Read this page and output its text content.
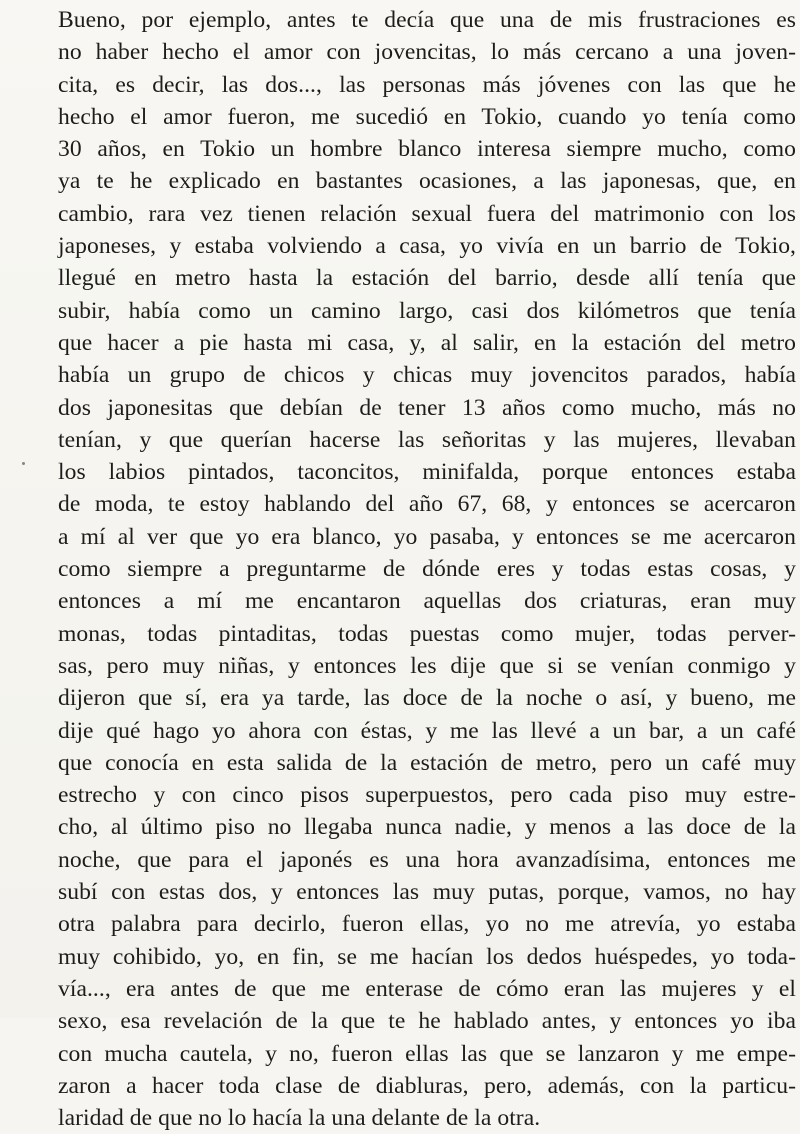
Bueno, por ejemplo, antes te decía que una de mis frustraciones es
no haber hecho el amor con jovencitas, lo más cercano a una joven-
cita, es decir, las dos..., las personas más jóvenes con las que he
hecho el amor fueron, me sucedió en Tokio, cuando yo tenía como
30 años, en Tokio un hombre blanco interesa siempre mucho, como
ya te he explicado en bastantes ocasiones, a las japonesas, que, en
cambio, rara vez tienen relación sexual fuera del matrimonio con los
japoneses, y estaba volviendo a casa, yo vivía en un barrio de Tokio,
llegué en metro hasta la estación del barrio, desde allí tenía que
subir, había como un camino largo, casi dos kilómetros que tenía
que hacer a pie hasta mi casa, y, al salir, en la estación del metro
había un grupo de chicos y chicas muy jovencitos parados, había
dos japonesitas que debían de tener 13 años como mucho, más no
tenían, y que querían hacerse las señoritas y las mujeres, llevaban
los labios pintados, taconcitos, minifalda, porque entonces estaba
de moda, te estoy hablando del año 67, 68, y entonces se acercaron
a mí al ver que yo era blanco, yo pasaba, y entonces se me acercaron
como siempre a preguntarme de dónde eres y todas estas cosas, y
entonces a mí me encantaron aquellas dos criaturas, eran muy
monas, todas pintaditas, todas puestas como mujer, todas perver-
sas, pero muy niñas, y entonces les dije que si se venían conmigo y
dijeron que sí, era ya tarde, las doce de la noche o así, y bueno, me
dije qué hago yo ahora con éstas, y me las llevé a un bar, a un café
que conocía en esta salida de la estación de metro, pero un café muy
estrecho y con cinco pisos superpuestos, pero cada piso muy estre-
cho, al último piso no llegaba nunca nadie, y menos a las doce de la
noche, que para el japonés es una hora avanzadísima, entonces me
subí con estas dos, y entonces las muy putas, porque, vamos, no hay
otra palabra para decirlo, fueron ellas, yo no me atrevía, yo estaba
muy cohibido, yo, en fin, se me hacían los dedos huéspedes, yo toda-
vía..., era antes de que me enterase de cómo eran las mujeres y el
sexo, esa revelación de la que te he hablado antes, y entonces yo iba
con mucha cautela, y no, fueron ellas las que se lanzaron y me empe-
zaron a hacer toda clase de diabluras, pero, además, con la particu-
laridad de que no lo hacía la una delante de la otra.
